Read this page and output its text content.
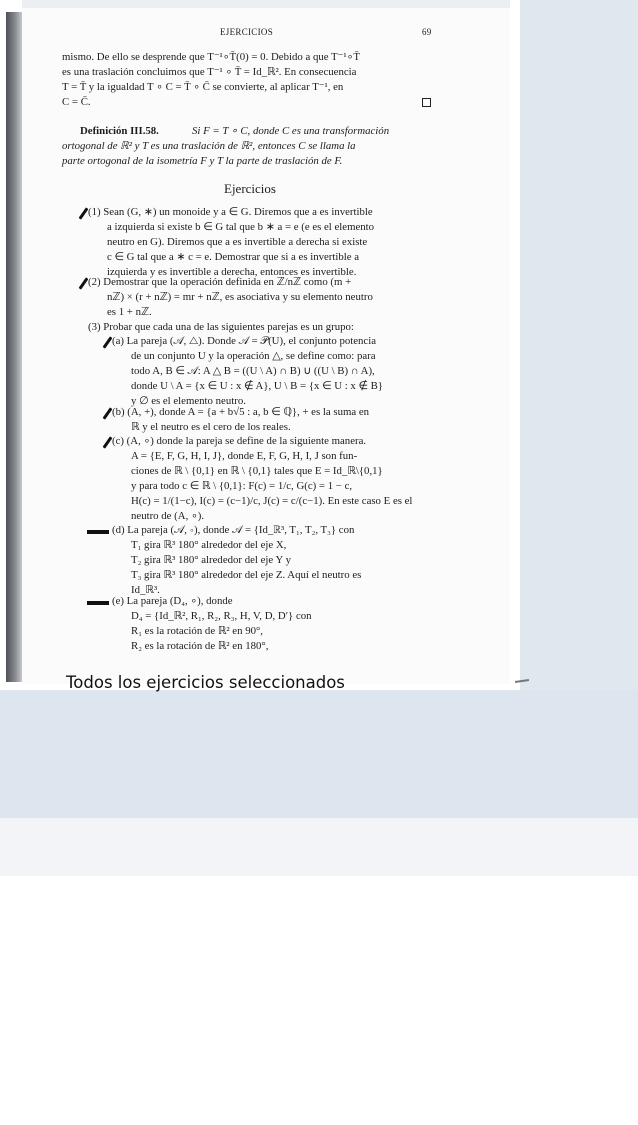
EJERCICIOS	69
mismo. De ello se desprende que T⁻¹∘T̄(0) = 0. Debido a que T⁻¹∘T̄
es una traslación concluimos que T⁻¹ ∘ T̄ = Id_ℝ². En consecuencia
T = T̄ y la igualdad T ∘ C = T̄ ∘ C̄ se convierte, al aplicar T⁻¹, en
C = C̄.
Definición III.58.	Si F = T ∘ C, donde C es una transformación
ortogonal de ℝ² y T es una traslación de ℝ², entonces C se llama la
parte ortogonal de la isometría F y T la parte de traslación de F.
Ejercicios
(1) Sean (G, ∗) un monoide y a ∈ G. Diremos que a es invertible
a izquierda si existe b ∈ G tal que b ∗ a = e (e es el elemento
neutro en G). Diremos que a es invertible a derecha si existe
c ∈ G tal que a ∗ c = e. Demostrar que si a es invertible a
izquierda y es invertible a derecha, entonces es invertible.
(2) Demostrar que la operación definida en ℤ/nℤ como (m +
nℤ) × (r + nℤ) = mr + nℤ, es asociativa y su elemento neutro
es 1 + nℤ.
(3) Probar que cada una de las siguientes parejas es un grupo:
(a) La pareja (𝒜, △). Donde 𝒜 = 𝒫(U), el conjunto potencia
de un conjunto U y la operación △, se define como: para
todo A, B ∈ 𝒜: A △ B = ((U \ A) ∩ B) ∪ ((U \ B) ∩ A),
donde U \ A = {x ∈ U : x ∉ A}, U \ B = {x ∈ U : x ∉ B}
y ∅ es el elemento neutro.
(b) (A, +), donde A = {a + b√5 : a, b ∈ ℚ}, + es la suma en
ℝ y el neutro es el cero de los reales.
(c) (A, ∘) donde la pareja se define de la siguiente manera.
A = {E, F, G, H, I, J}, donde E, F, G, H, I, J son fun-
ciones de ℝ \ {0,1} en ℝ \ {0,1} tales que E = Id_ℝ\{0,1}
y para todo c ∈ ℝ \ {0,1}: F(c) = 1/c, G(c) = 1 − c,
H(c) = 1/(1−c), I(c) = (c−1)/c, J(c) = c/(c−1). En este caso E es el
neutro de (A, ∘).
(d) La pareja (𝒜, ∘), donde 𝒜 = {Id_ℝ³, T₁, T₂, T₃} con
T₁ gira ℝ³ 180° alrededor del eje X,
T₂ gira ℝ³ 180° alrededor del eje Y y
T₃ gira ℝ³ 180° alrededor del eje Z. Aquí el neutro es
Id_ℝ³.
(e) La pareja (D₄, ∘), donde
D₄ = {Id_ℝ², R₁, R₂, R₃, H, V, D, D′} con
R₁ es la rotación de ℝ² en 90°,
R₂ es la rotación de ℝ² en 180°,
Todos los ejercicios seleccionados
